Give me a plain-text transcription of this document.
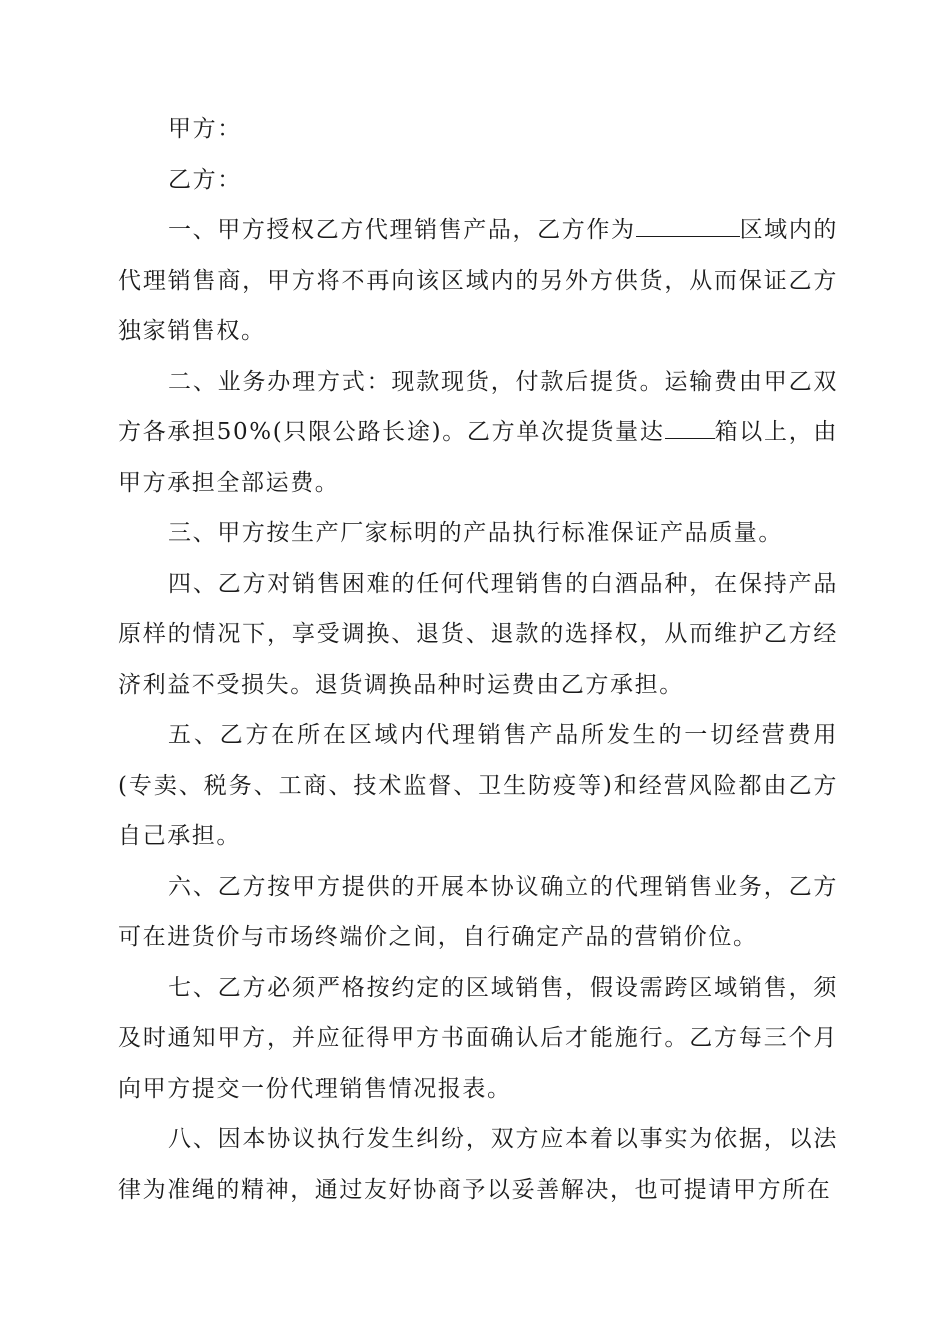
甲方：

乙方：

一、甲方授权乙方代理销售产品，乙方作为	区域内的代理销售商，甲方将不再向该区域内的另外方供货，从而保证乙方独家销售权。

二、业务办理方式：现款现货，付款后提货。运输费由甲乙双方各承担50%(只限公路长途)。乙方单次提货量达 箱以上，由甲方承担全部运费。

三、甲方按生产厂家标明的产品执行标准保证产品质量。

四、乙方对销售困难的任何代理销售的白酒品种，在保持产品原样的情况下，享受调换、退货、退款的选择权，从而维护乙方经济利益不受损失。退货调换品种时运费由乙方承担。

五、乙方在所在区域内代理销售产品所发生的一切经营费用(专卖、税务、工商、技术监督、卫生防疫等)和经营风险都由乙方自己承担。

六、乙方按甲方提供的开展本协议确立的代理销售业务，乙方可在进货价与市场终端价之间，自行确定产品的营销价位。

七、乙方必须严格按约定的区域销售，假设需跨区域销售，须及时通知甲方，并应征得甲方书面确认后才能施行。乙方每三个月向甲方提交一份代理销售情况报表。

八、因本协议执行发生纠纷，双方应本着以事实为依据，以法律为准绳的精神，通过友好协商予以妥善解决，也可提请甲方所在
